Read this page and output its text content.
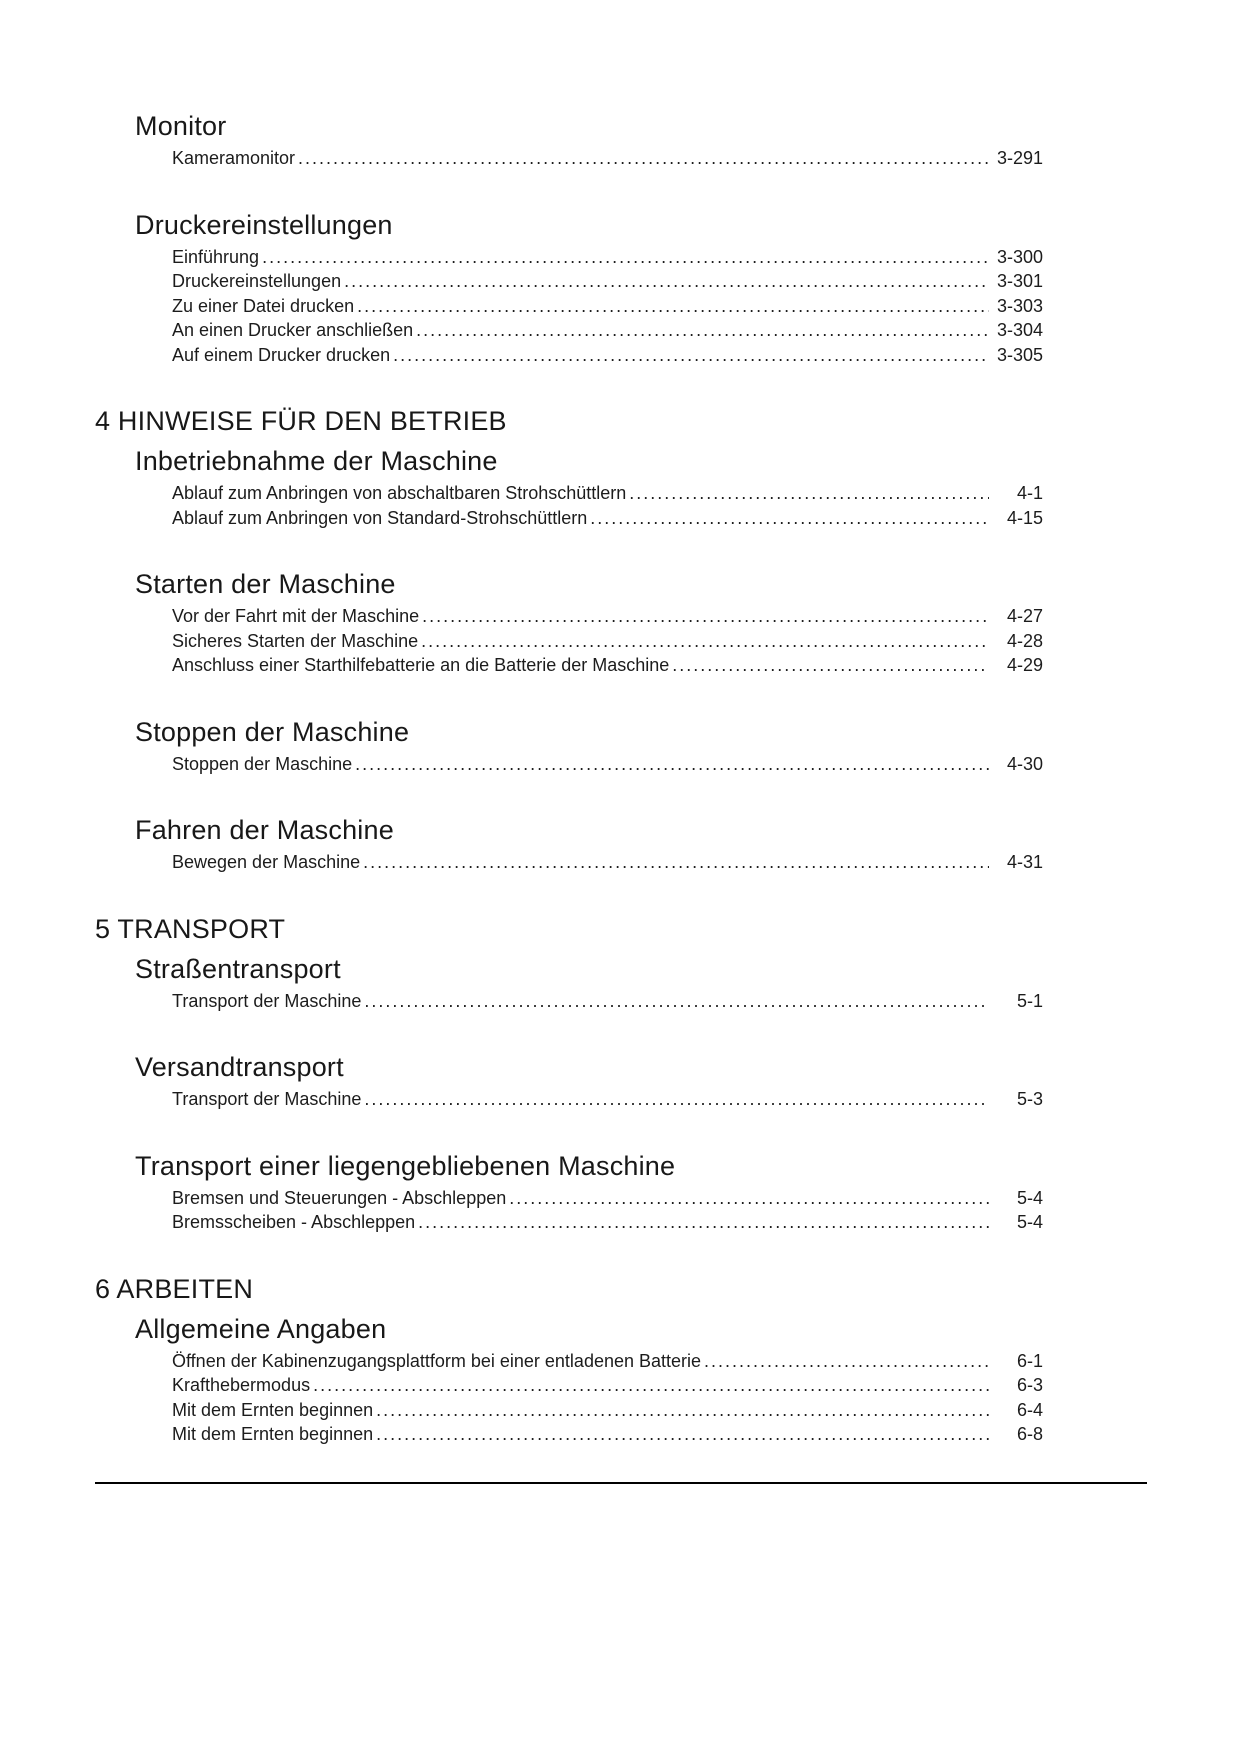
Monitor
Kameramonitor .....	3-291
Druckereinstellungen
Einführung .....	3-300
Druckereinstellungen .....	3-301
Zu einer Datei drucken .....	3-303
An einen Drucker anschließen .....	3-304
Auf einem Drucker drucken .....	3-305
4 HINWEISE FÜR DEN BETRIEB
Inbetriebnahme der Maschine
Ablauf zum Anbringen von abschaltbaren Strohschüttlern .....	4-1
Ablauf zum Anbringen von Standard-Strohschüttlern .....	4-15
Starten der Maschine
Vor der Fahrt mit der Maschine .....	4-27
Sicheres Starten der Maschine .....	4-28
Anschluss einer Starthilfebatterie an die Batterie der Maschine .....	4-29
Stoppen der Maschine
Stoppen der Maschine .....	4-30
Fahren der Maschine
Bewegen der Maschine .....	4-31
5 TRANSPORT
Straßentransport
Transport der Maschine .....	5-1
Versandtransport
Transport der Maschine .....	5-3
Transport einer liegengebliebenen Maschine
Bremsen und Steuerungen - Abschleppen .....	5-4
Bremsscheiben - Abschleppen .....	5-4
6 ARBEITEN
Allgemeine Angaben
Öffnen der Kabinenzugangsplattform bei einer entladenen Batterie .....	6-1
Krafthebermodus .....	6-3
Mit dem Ernten beginnen .....	6-4
Mit dem Ernten beginnen .....	6-8
